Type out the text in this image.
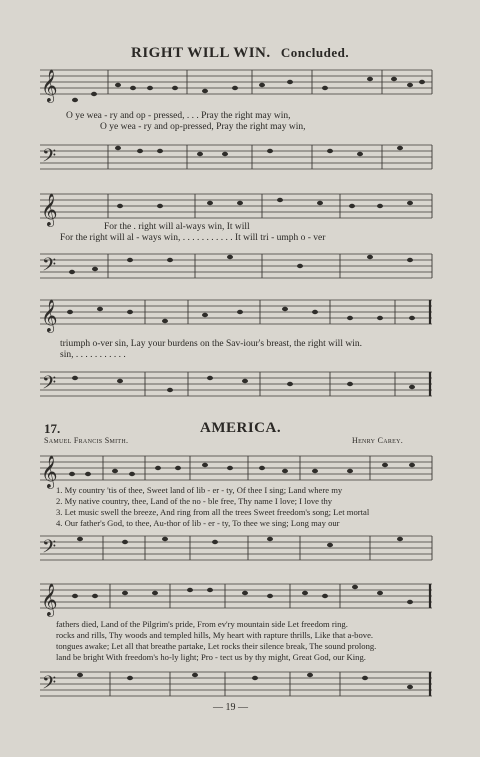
RIGHT WILL WIN. Concluded.
𝄞
O ye wea - ry and op - pressed, . . . Pray the right may win,
O ye wea - ry and op-pressed, Pray the right may win,
𝄢
𝄞
For the . right will al-ways win, It will
For the right will al - ways win, . . . . . . . . . . . It will tri - umph o - ver
𝄢
𝄞
triumph o-ver sin, Lay your burdens on the Sav-iour's breast, the right will win.
sin, . . . . . . . . . . .
𝄢
17.	AMERICA.
Samuel Francis Smith.	Henry Carey.
𝄞
1. My country 'tis of thee, Sweet land of lib - er - ty, Of thee I sing; Land where my
2. My native country, thee, Land of the no - ble free, Thy name I love; I love thy
3. Let music swell the breeze, And ring from all the trees Sweet freedom's song; Let mortal
4. Our father's God, to thee, Au-thor of lib - er - ty, To thee we sing; Long may our
𝄢
𝄞
fathers died, Land of the Pilgrim's pride, From ev'ry mountain side Let freedom ring.
rocks and rills, Thy woods and templed hills, My heart with rapture thrills, Like that a-bove.
tongues awake; Let all that breathe partake, Let rocks their silence break, The sound prolong.
land be bright With freedom's ho-ly light; Pro - tect us by thy might, Great God, our King.
𝄢
— 19 —
